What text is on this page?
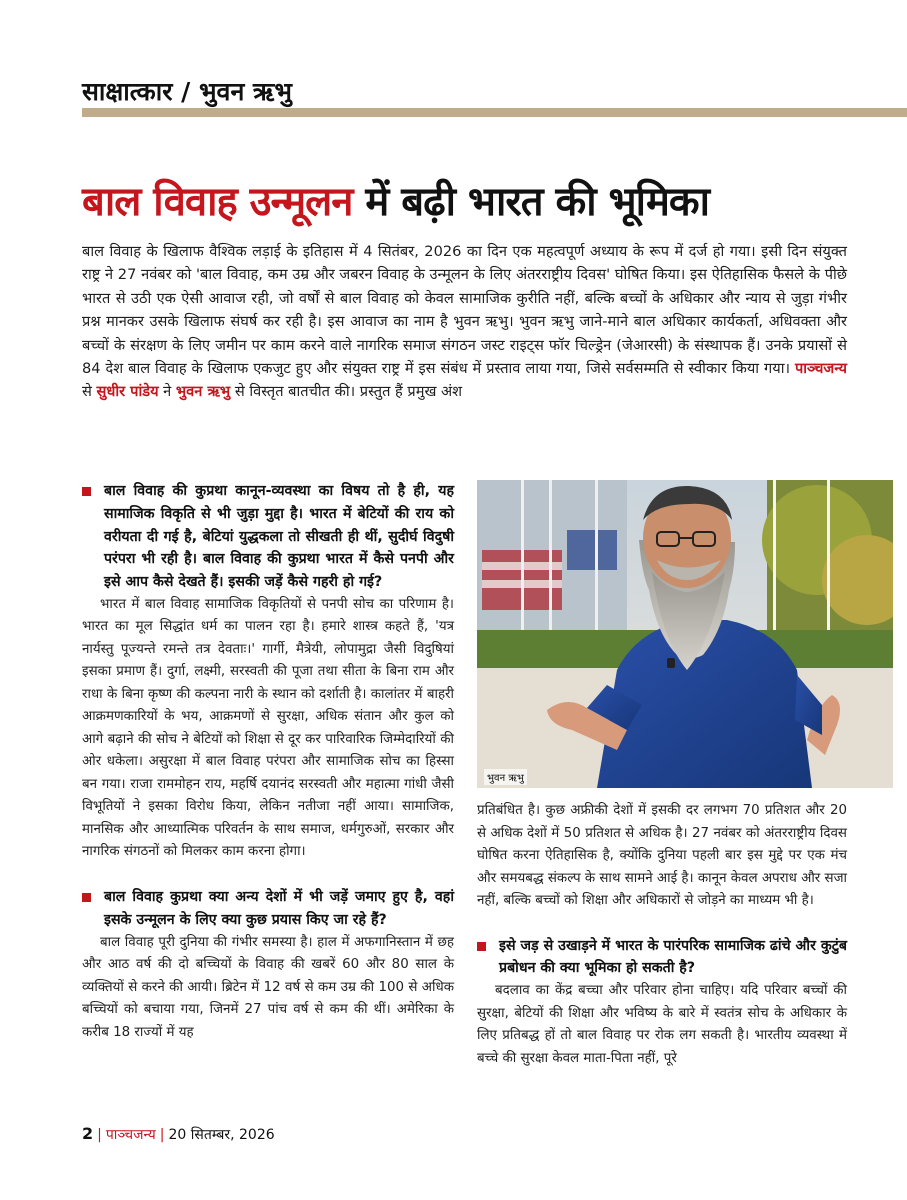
साक्षात्कार / भुवन ऋभु
बाल विवाह उन्मूलन में बढ़ी भारत की भूमिका
बाल विवाह के खिलाफ वैश्विक लड़ाई के इतिहास में 4 सितंबर, 2026 का दिन एक महत्वपूर्ण अध्याय के रूप में दर्ज हो गया। इसी दिन संयुक्त राष्ट्र ने 27 नवंबर को 'बाल विवाह, कम उम्र और जबरन विवाह के उन्मूलन के लिए अंतरराष्ट्रीय दिवस' घोषित किया। इस ऐतिहासिक फैसले के पीछे भारत से उठी एक ऐसी आवाज रही, जो वर्षों से बाल विवाह को केवल सामाजिक कुरीति नहीं, बल्कि बच्चों के अधिकार और न्याय से जुड़ा गंभीर प्रश्न मानकर उसके खिलाफ संघर्ष कर रही है। इस आवाज का नाम है भुवन ऋभु। भुवन ऋभु जाने-माने बाल अधिकार कार्यकर्ता, अधिवक्ता और बच्चों के संरक्षण के लिए जमीन पर काम करने वाले नागरिक समाज संगठन जस्ट राइट्स फॉर चिल्ड्रेन (जेआरसी) के संस्थापक हैं। उनके प्रयासों से 84 देश बाल विवाह के खिलाफ एकजुट हुए और संयुक्त राष्ट्र में इस संबंध में प्रस्ताव लाया गया, जिसे सर्वसम्मति से स्वीकार किया गया। पाञ्चजन्य से सुधीर पांडेय ने भुवन ऋभु से विस्तृत बातचीत की। प्रस्तुत हैं प्रमुख अंश
बाल विवाह की कुप्रथा कानून-व्यवस्था का विषय तो है ही, यह सामाजिक विकृति से भी जुड़ा मुद्दा है। भारत में बेटियों की राय को वरीयता दी गई है, बेटियां युद्धकला तो सीखती ही थीं, सुदीर्घ विदुषी परंपरा भी रही है। बाल विवाह की कुप्रथा भारत में कैसे पनपी और इसे आप कैसे देखते हैं। इसकी जड़ें कैसे गहरी हो गई?

भारत में बाल विवाह सामाजिक विकृतियों से पनपी सोच का परिणाम है। भारत का मूल सिद्धांत धर्म का पालन रहा है। हमारे शास्त्र कहते हैं, 'यत्र नार्यस्तु पूज्यन्ते रमन्ते तत्र देवताः।' गार्गी, मैत्रेयी, लोपामुद्रा जैसी विदुषियां इसका प्रमाण हैं। दुर्गा, लक्ष्मी, सरस्वती की पूजा तथा सीता के बिना राम और राधा के बिना कृष्ण की कल्पना नारी के स्थान को दर्शाती है। कालांतर में बाहरी आक्रमणकारियों के भय, आक्रमणों से सुरक्षा, अधिक संतान और कुल को आगे बढ़ाने की सोच ने बेटियों को शिक्षा से दूर कर पारिवारिक जिम्मेदारियों की ओर धकेला। असुरक्षा में बाल विवाह परंपरा और सामाजिक सोच का हिस्सा बन गया। राजा राममोहन राय, महर्षि दयानंद सरस्वती और महात्मा गांधी जैसी विभूतियों ने इसका विरोध किया, लेकिन नतीजा नहीं आया। सामाजिक, मानसिक और आध्यात्मिक परिवर्तन के साथ समाज, धर्मगुरुओं, सरकार और नागरिक संगठनों को मिलकर काम करना होगा।

बाल विवाह कुप्रथा क्या अन्य देशों में भी जड़ें जमाए हुए है, वहां इसके उन्मूलन के लिए क्या कुछ प्रयास किए जा रहे हैं?

बाल विवाह पूरी दुनिया की गंभीर समस्या है। हाल में अफगानिस्तान में छह और आठ वर्ष की दो बच्चियों के विवाह की खबरें 60 और 80 साल के व्यक्तियों से करने की आयी। ब्रिटेन में 12 वर्ष से कम उम्र की 100 से अधिक बच्चियों को बचाया गया, जिनमें 27 पांच वर्ष से कम की थीं। अमेरिका के करीब 18 राज्यों में यह

भुवन ऋभु

प्रतिबंधित है। कुछ अफ्रीकी देशों में इसकी दर लगभग 70 प्रतिशत और 20 से अधिक देशों में 50 प्रतिशत से अधिक है। 27 नवंबर को अंतरराष्ट्रीय दिवस घोषित करना ऐतिहासिक है, क्योंकि दुनिया पहली बार इस मुद्दे पर एक मंच और समयबद्ध संकल्प के साथ सामने आई है। कानून केवल अपराध और सजा नहीं, बल्कि बच्चों को शिक्षा और अधिकारों से जोड़ने का माध्यम भी है।

इसे जड़ से उखाड़ने में भारत के पारंपरिक सामाजिक ढांचे और कुटुंब प्रबोधन की क्या भूमिका हो सकती है?

बदलाव का केंद्र बच्चा और परिवार होना चाहिए। यदि परिवार बच्चों की सुरक्षा, बेटियों की शिक्षा और भविष्य के बारे में स्वतंत्र सोच के अधिकार के लिए प्रतिबद्ध हों तो बाल विवाह पर रोक लग सकती है। भारतीय व्यवस्था में बच्चे की सुरक्षा केवल माता-पिता नहीं, पूरे

2 | पाञ्चजन्य | 20 सितम्बर, 2026
